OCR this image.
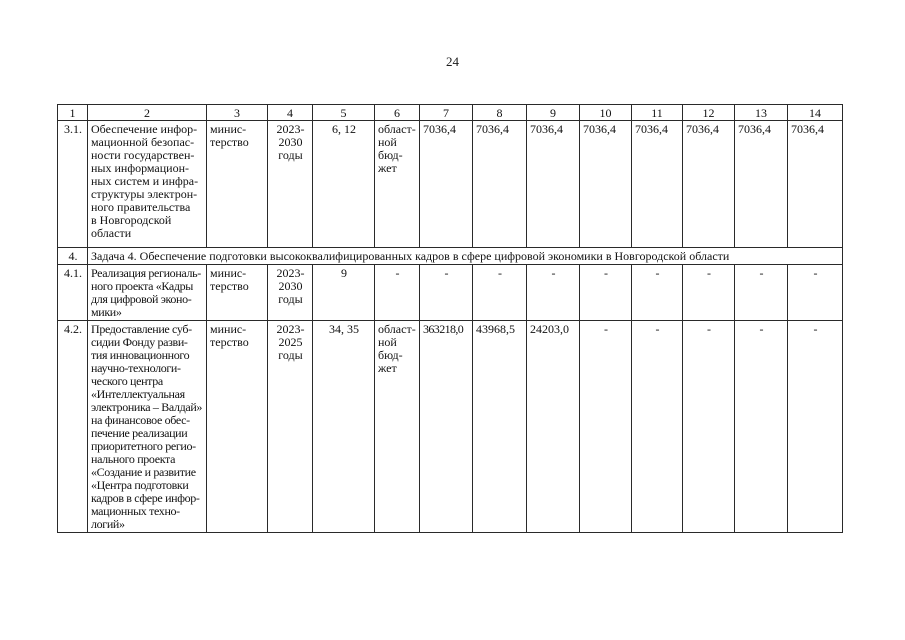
24
1	2	3	4	5	6	7	8	9	10	11	12	13	14
3.1.	Обеспечение инфор-
мационной безопас-
ности государствен-
ных информацион-
ных систем и инфра-
структуры электрон-
ного правительства
в Новгородской
области	минис-
терство	2023-
2030
годы	6, 12	област-
ной
бюд-
жет	7036,4	7036,4	7036,4	7036,4	7036,4	7036,4	7036,4	7036,4
4.	Задача 4. Обеспечение подготовки высококвалифицированных кадров в сфере цифровой экономики в Новгородской области												
4.1.	Реализация региональ-
ного проекта «Кадры
для цифровой эконо-
мики»	минис-
терство	2023-
2030
годы	9	-	-	-	-	-	-	-	-	-
4.2.	Предоставление суб-
сидии Фонду разви-
тия инновационного
научно-технологи-
ческого центра
«Интеллектуальная
электроника – Валдай»
на финансовое обес-
печение реализации
приоритетного регио-
нального проекта
«Создание и развитие
«Центра подготовки
кадров в сфере инфор-
мационных техно-
логий»	минис-
терство	2023-
2025
годы	34, 35	област-
ной
бюд-
жет	363218,0	43968,5	24203,0	-	-	-	-	-
